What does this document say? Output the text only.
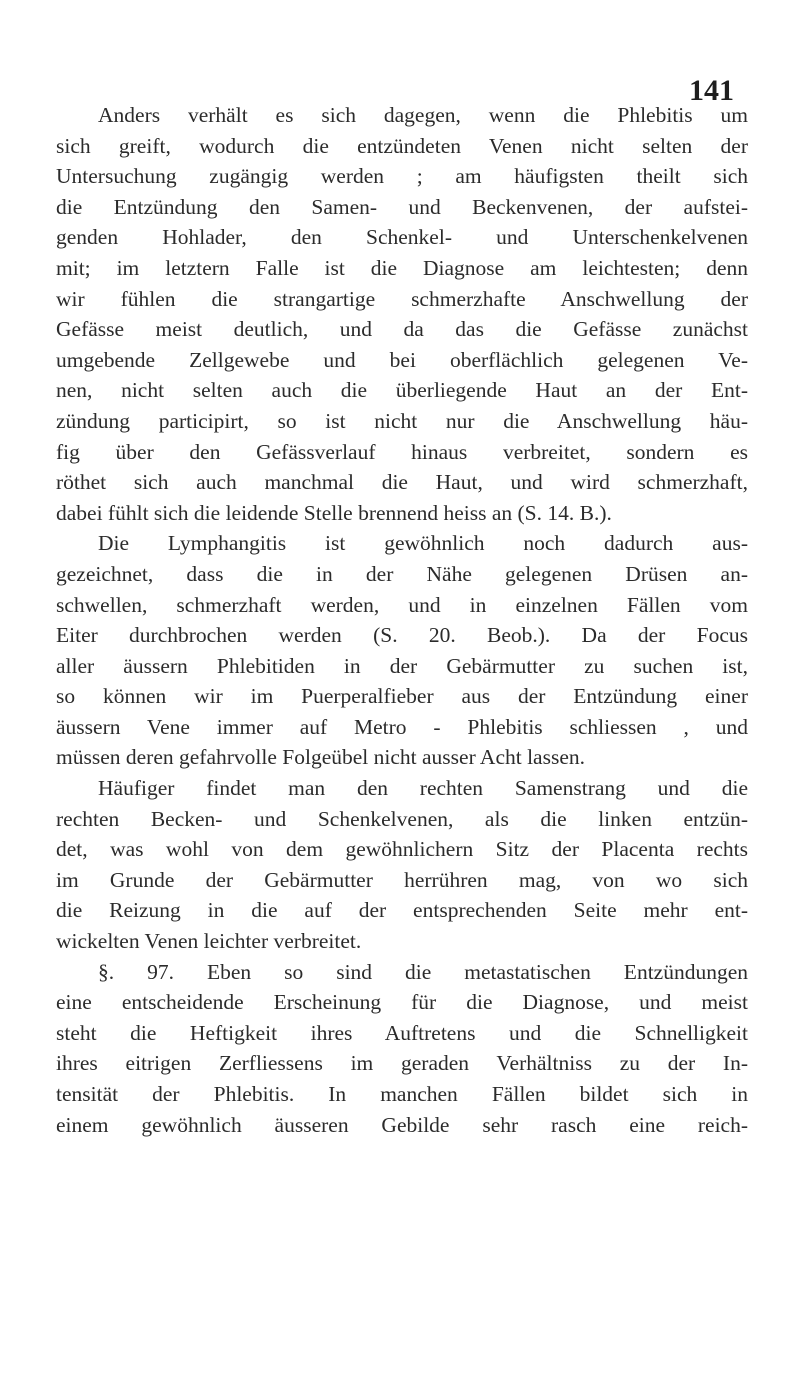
141
Anders verhält es sich dagegen, wenn die Phlebitis um
sich greift, wodurch die entzündeten Venen nicht selten der
Untersuchung zugängig werden ; am häufigsten theilt sich
die Entzündung den Samen- und Beckenvenen, der aufstei-
genden Hohlader, den Schenkel- und Unterschenkelvenen
mit; im letztern Falle ist die Diagnose am leichtesten; denn
wir fühlen die strangartige schmerzhafte Anschwellung der
Gefässe meist deutlich, und da das die Gefässe zunächst
umgebende Zellgewebe und bei oberflächlich gelegenen Ve-
nen, nicht selten auch die überliegende Haut an der Ent-
zündung participirt, so ist nicht nur die Anschwellung häu-
fig über den Gefässverlauf hinaus verbreitet, sondern es
röthet sich auch manchmal die Haut, und wird schmerzhaft,
dabei fühlt sich die leidende Stelle brennend heiss an (S. 14. B.).
Die Lymphangitis ist gewöhnlich noch dadurch aus-
gezeichnet, dass die in der Nähe gelegenen Drüsen an-
schwellen, schmerzhaft werden, und in einzelnen Fällen vom
Eiter durchbrochen werden (S. 20. Beob.). Da der Focus
aller äussern Phlebitiden in der Gebärmutter zu suchen ist,
so können wir im Puerperalfieber aus der Entzündung einer
äussern Vene immer auf Metro - Phlebitis schliessen , und
müssen deren gefahrvolle Folgeübel nicht ausser Acht lassen.
Häufiger findet man den rechten Samenstrang und die
rechten Becken- und Schenkelvenen, als die linken entzün-
det, was wohl von dem gewöhnlichern Sitz der Placenta rechts
im Grunde der Gebärmutter herrühren mag, von wo sich
die Reizung in die auf der entsprechenden Seite mehr ent-
wickelten Venen leichter verbreitet.
§. 97. Eben so sind die metastatischen Entzündungen
eine entscheidende Erscheinung für die Diagnose, und meist
steht die Heftigkeit ihres Auftretens und die Schnelligkeit
ihres eitrigen Zerfliessens im geraden Verhältniss zu der In-
tensität der Phlebitis. In manchen Fällen bildet sich in
einem gewöhnlich äusseren Gebilde sehr rasch eine reich-
